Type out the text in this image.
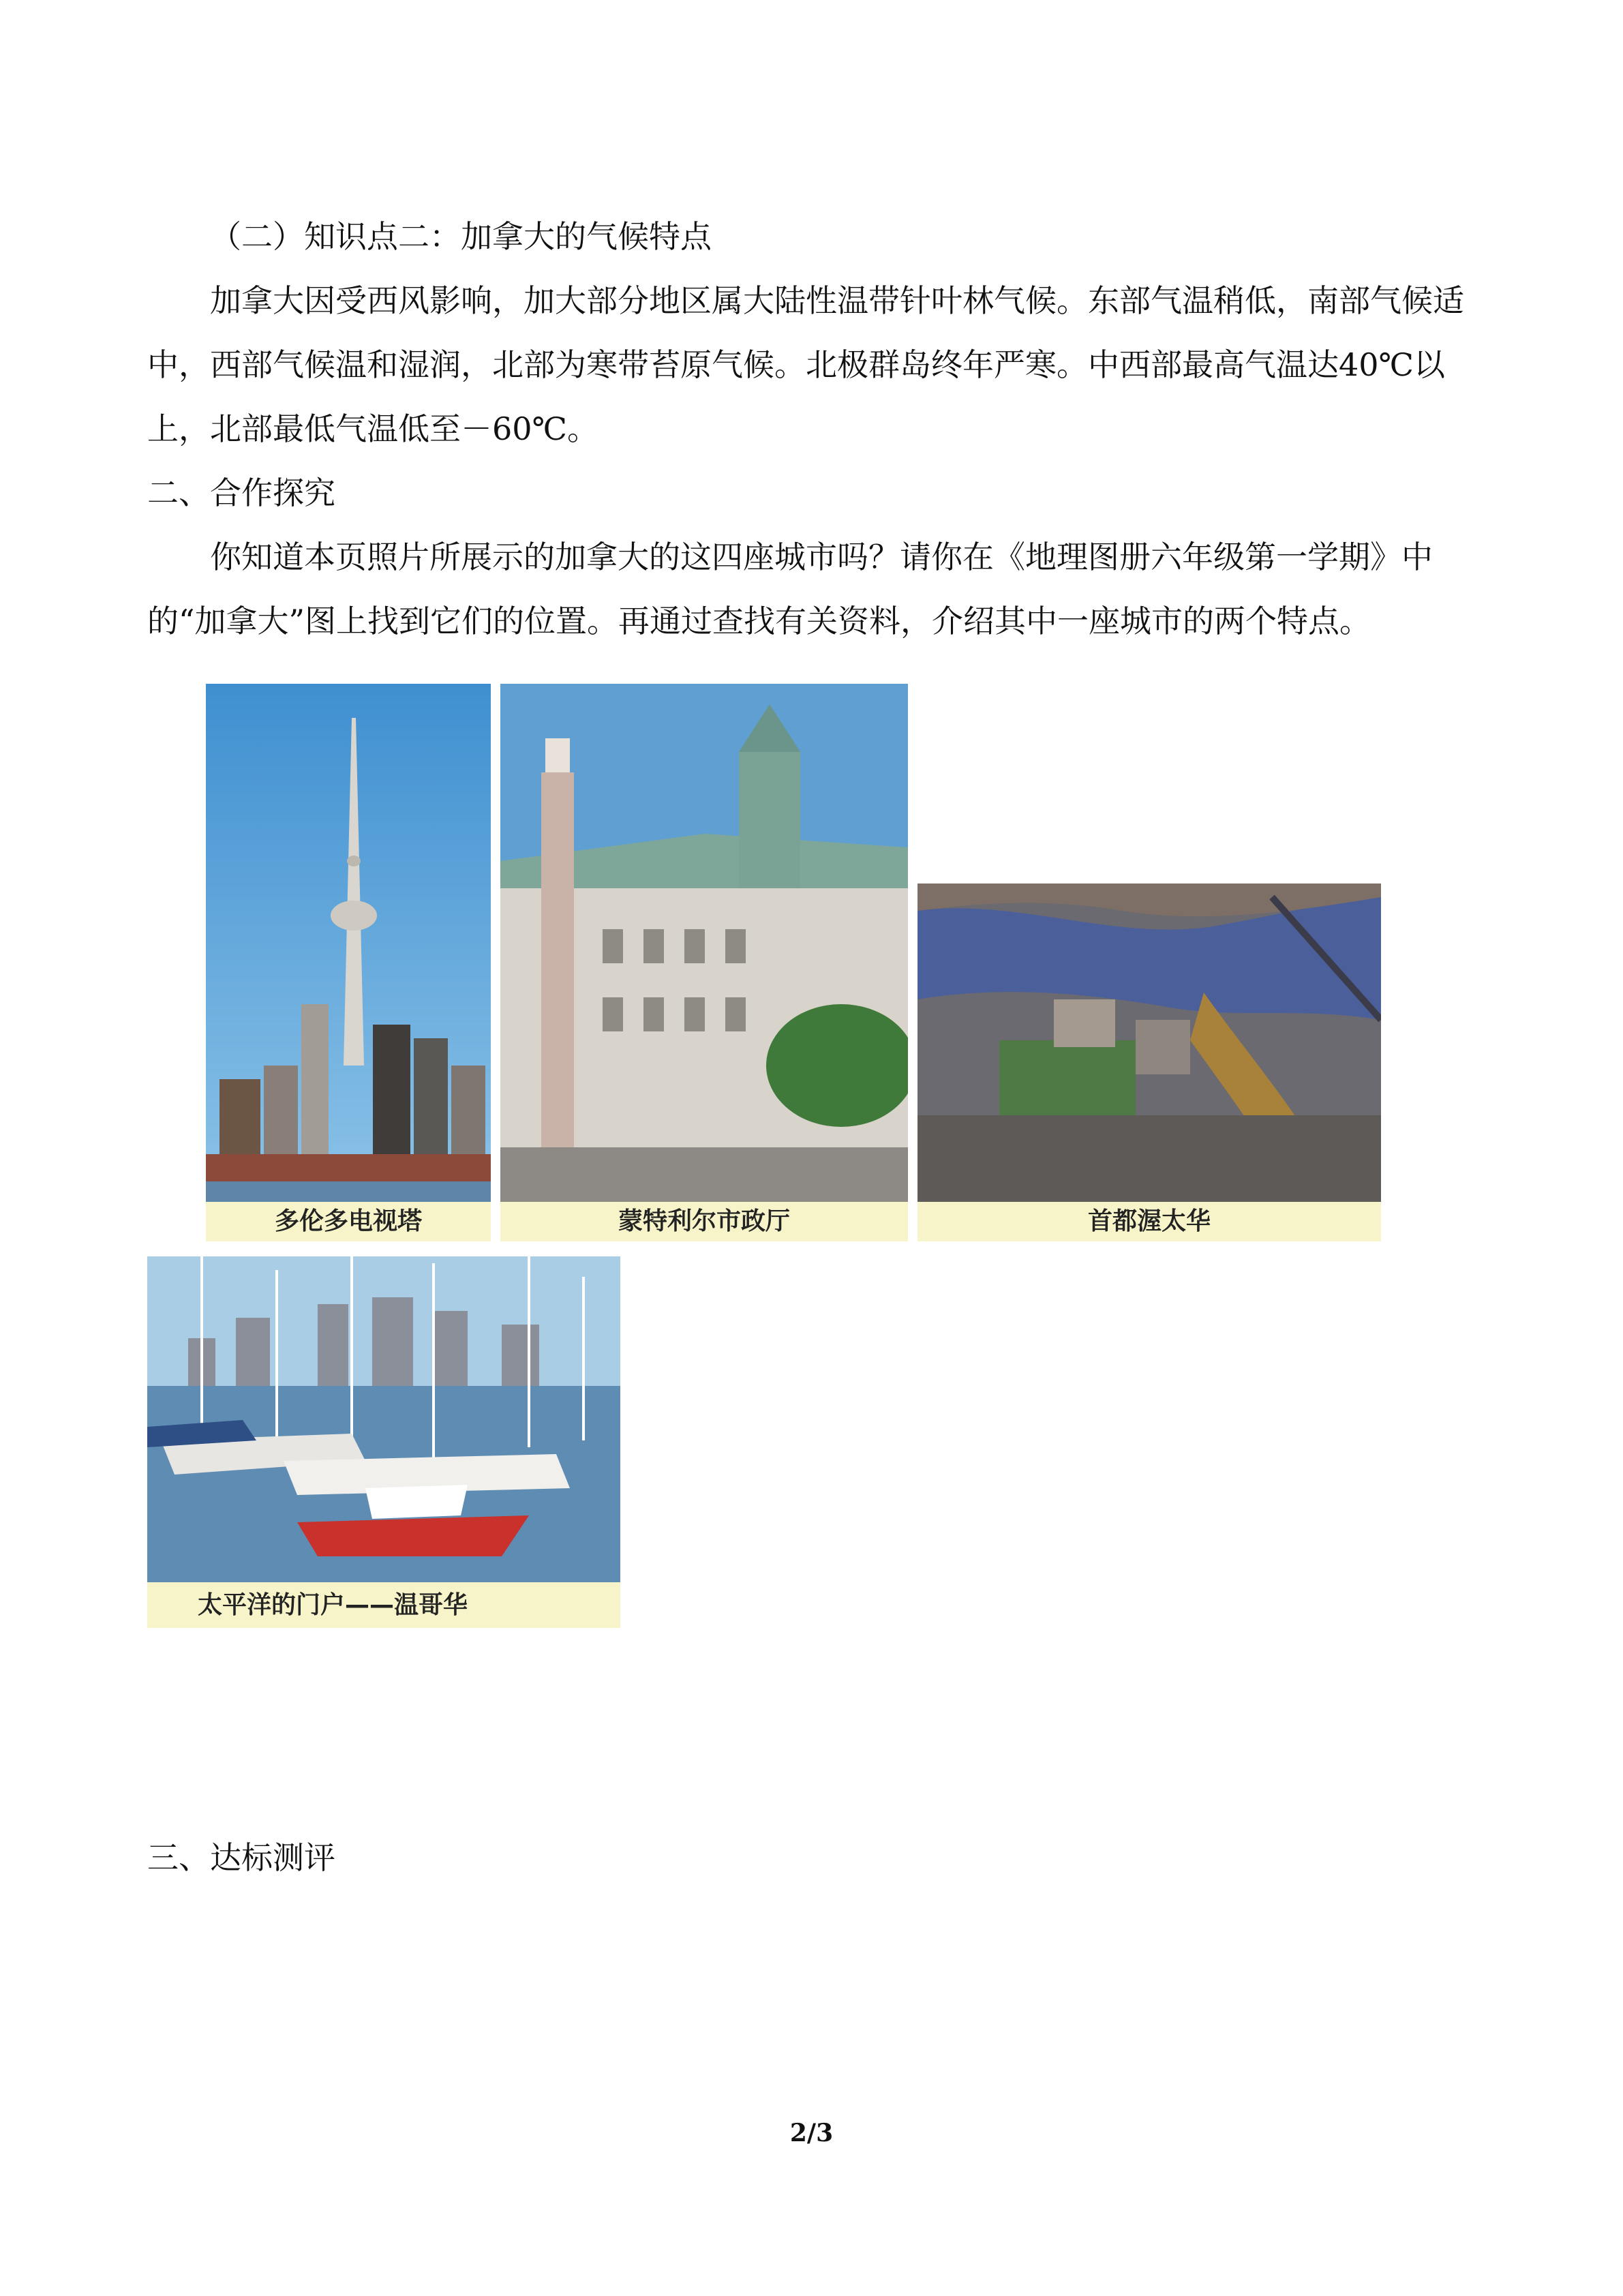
（二）知识点二：加拿大的气候特点

加拿大因受西风影响，加大部分地区属大陆性温带针叶林气候。东部气温稍低，南部气候适中，西部气候温和湿润，北部为寒带苔原气候。北极群岛终年严寒。中西部最高气温达40℃以上，北部最低气温低至－60℃。

二、合作探究

你知道本页照片所展示的加拿大的这四座城市吗？请你在《地理图册六年级第一学期》中的“加拿大”图上找到它们的位置。再通过查找有关资料，介绍其中一座城市的两个特点。

多伦多电视塔	蒙特利尔市政厅	首都渥太华
太平洋的门户——温哥华

三、达标测评

2/3
